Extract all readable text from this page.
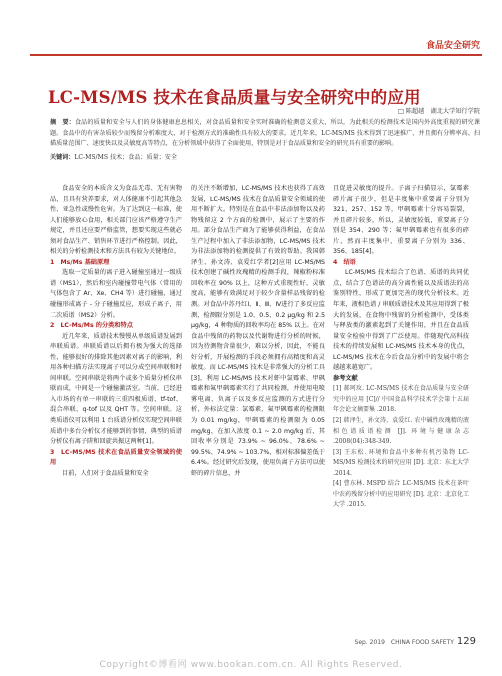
食品安全研究
LC-MS/MS 技术在食品质量与安全研究中的应用
□ 陈超越　湖北大学知行学院
摘　要：食品的质量和安全与人们的身体健康息息相关，对食品质量和安全实时准确的检测意义重大，所以，为此相关的检测技术是国内外高度重视的研究课题。食品中的有害杂质较少而残留分析难度大，对于检测方式的准确性具有较大的要求。近几年来，LC-MS/MS 技术得到了迅速推广，并且拥有分辨率高、扫描质量范围广、速度快以及灵敏度高等特点，在分析领域中获得了全面使用，特别是对于食品质量和安全的研究具有重要的影响。
关键词：LC-MS/MS 技术；食品；质量；安全

食品安全的本质含义为食品无毒、无有害物品，且具有营养要求，对人体健康不引起其他急性、亚急性或慢性危害。为了达到这一标准，使人们能够放心食用，相关部门应该严格遵守生产规定，并且还应要严格监管，想要实现这些就必须对食品生产、销售环节进行严格控制。因此，相关的分析检测技术和方法具有较为关键地位。

1　Ms/Ms 基础原理

选取一定质量的离子进入碰撞室通过一级质谱（MS1），然后和室内碰撞带电气体（常用的气体包含了 Ar、Xe、CH4 等）进行碰撞，通过碰撞形成离子 - 分子碰撞反应，形成子离子，用二次质谱（MS2）分析。

2　LC-Ms/Ms 的分类和特点

近几年来，质谱技术慢慢从单级质谱发展到串联质谱。串联质谱以后拥有极为强大的选择性，能够很好的排除其他因素对离子的影响，利用各种扫描方法实现离子可以分成空间串联和时间串联。空间串联是将两个或多个质量分析仪串联而成，中间是一个碰撞激活室。当前，已经进入市场的有单一串联的三重四极质谱、tf-tof、混合串联、q-tof 以及 QHT 等。空间串联。这类质谱仪可以利用 1 台质谱分析仪实现空间串联质谱中多台分析仪才能够到的事情，典型的质谱分析仪有离子阱和回旋共振这两种[1]。

3　LC-MS/MS 技术在食品质量安全领域的使用

目前，人们对于食品质量和安全

的关注不断增加，LC-MS/MS 技术也获得了高效发展，LC-MS/MS 技术在食品质量安全领域的使用不断扩大。特别是在食品中非法添加物以及药物残留这 2 个方面的检测中，展示了主要的作用。部分食品生产商为了能够获得利益，在食品生产过程中加入了非法添加物，LC-MS/MS 技术为非法添加物的检测提供了有效的帮助。我国韩泽生、孙文涛、袁爱红学者[2]应用 LC-MS/MS 技术创建了碱性玫瑰精的检测手段，辣椒粉标准回收率在 90% 以上，这种方式重现性好、灵敏度高，能够有效满足对于较少含量样品残留的检测。对食品中苏丹红Ⅰ、Ⅱ、Ⅲ、Ⅳ进行了多反应监测，检测限分别是 1.0、0.5、0.2 μg/kg 和 2.5 μg/kg，4 种物质的回收率均在 85% 以上。在对食品中残留的药物以及代谢物进行分析的时候，因为待测物含量很少，难以分析，因此，不能良好分析，开展检测的手段必须拥有高精度和高灵敏度。而 LC-MS/MS 技术是非常强大的分析工具[3]，利用 LC-MS/MS 技术对虾中氯霉素、甲砜霉素和氟甲砜霉素实行了共同检测，并使用电喷雾电离、负离子以及多反应监测的方式进行分析，外标法定量：氯霉素、氟甲砜霉素的检测限为 0.01 mg/kg，甲砜霉素的检测限为 0.05 mg/kg，在加入浓度 0.1 ~ 2.0 mg/kg 后，其回收率分别是 73.9% ~ 96.0%、78.6% ~ 99.5%、74.9% ~ 103.7%，相对标准偏差低于 6.4%。经过研究后发现，使用负离子方法可以使虾的碎片信息，并

且促进灵敏度的提升。子离子扫描显示，氯霉素碎片离子很少，但是丰度集中重要离子分别为 321、257、152 等，甲砜霉素十分容易裂裂，并且碎片较多，所以，灵敏度较低，重要离子分别是 354、290 等；氟甲砜霉素也有很多的碎片，然而丰度集中，重要离子分别为 336、356、185[4]。

4　结语

LC-MS/MS 技术综合了色谱、质谱的共同优点，结合了色谱法的高分离性能以及质谱法的高鉴别特性，形成了更加完善的现代分析技术。近年来，液相色谱 / 串联质谱技术及其应用得到了极大的发展，在食物中残留的分析检测中，受体类与释放类的激素起到了关键作用，并且在食品质量安全检验中得到了广泛使用。伴随现代高科技技术的持续发展和 LC-MS/MS 技术本身的优点，LC-MS/MS 技术在今后食品分析中的发展中将会越越来越宽广。

参考文献

[1] 郝珂玫. LC-MS/MS 技术在食品质量与安全研究中的应用 [C]// 中国食品科学技术学会第十五届年会论文摘要集 .2018.

[2] 韩泽生，孙文涛，袁爱红. 农中碱性玫瑰精的液相色谱质谱检测 [J]. 环境与健康杂志 .2008(04):348-349.

[3] 王东松. 环境和食品中多种有机污染物 LC-MS/MS 检测技术的研究应用 [D]. 北京：东北大学 .2014.

[4] 曹东林. MSPD 结合 LC-MS/MS 技术在茶叶中农药残留分析中的应用研究 [D]. 北京：北京化工大学 .2015.

Sep. 2019　CHINA FOOD SAFETY 129
Copyright©博看网 www.bookan.com.cn. All Rights Reserved.
